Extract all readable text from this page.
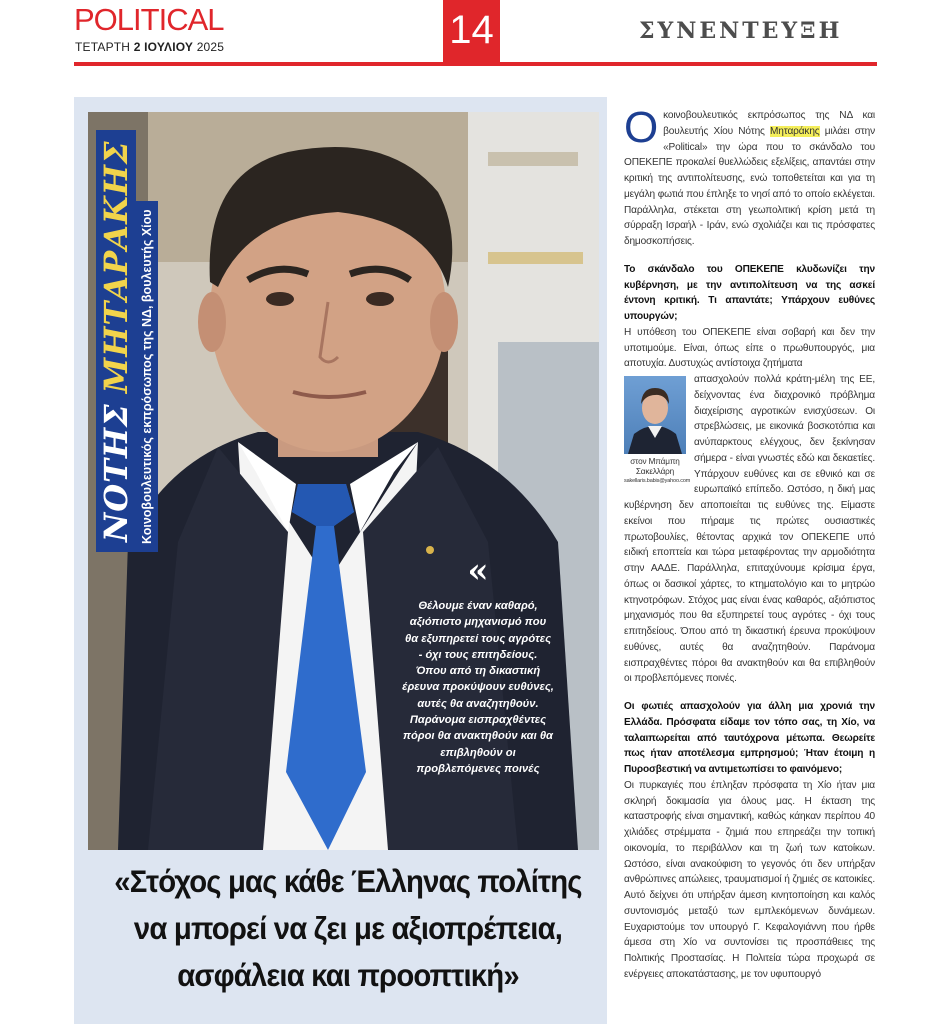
POLITICAL
ΤΕΤΑΡΤΗ 2 ΙΟΥΛΙΟΥ 2025	14	ΣΥΝΕΝΤΕΥΞΗ
ΝΟΤΗΣ
ΜΗΤΑΡΑΚΗΣ Κοινοβουλευτικός εκπρόσωπος της ΝΔ, βουλευτής Χίου
«
Θέλουμε έναν καθαρό, αξιόπιστο μηχανισμό που θα εξυπηρετεί τους αγρότες - όχι τους επιτηδείους. Όπου από τη δικαστική έρευνα προκύψουν ευθύνες, αυτές θα αναζητηθούν. Παράνομα εισπραχθέντες πόροι θα ανακτηθούν και θα επιβληθούν οι προβλεπόμενες ποινές
«Στόχος μας κάθε Έλληνας πολίτης να μπορεί να ζει με αξιοπρέπεια, ασφάλεια και προοπτική»
Ο κοινοβουλευτικός εκπρόσωπος της ΝΔ και βουλευτής Χίου Νότης Μηταράκης μιλάει στην «Political» την ώρα που το σκάνδαλο του ΟΠΕΚΕΠΕ προκαλεί θυελλώδεις εξελίξεις, απαντάει στην κριτική της αντιπολίτευσης, ενώ τοποθετείται και για τη μεγάλη φωτιά που έπληξε το νησί από το οποίο εκλέγεται. Παράλληλα, στέκεται στη γεωπολιτική κρίση μετά τη σύρραξη Ισραήλ - Ιράν, ενώ σχολιάζει και τις πρόσφατες δημοσκοπήσεις.
Το σκάνδαλο του ΟΠΕΚΕΠΕ κλυδωνίζει την κυβέρνηση, με την αντιπολίτευση να της ασκεί έντονη κριτική. Τι απαντάτε; Υπάρχουν ευθύνες υπουργών;
Η υπόθεση του ΟΠΕΚΕΠΕ είναι σοβαρή και δεν την υποτιμούμε. Είναι, όπως είπε ο πρωθυπουργός, μια αποτυχία. Δυστυχώς αντίστοιχα ζητήματα
στον Μπάμπη Σακελλάρη
sakellaris.babis@yahoo.com
απασχολούν πολλά κράτη-μέλη της ΕΕ, δείχνοντας ένα διαχρονικό πρόβλημα διαχείρισης αγροτικών ενισχύσεων. Οι στρεβλώσεις, με εικονικά βοσκοτόπια και ανύπαρκτους ελέγχους, δεν ξεκίνησαν σήμερα - είναι γνωστές εδώ και δεκαετίες. Υπάρχουν ευθύνες και σε εθνικό και σε ευρωπαϊκό επίπεδο. Ωστόσο, η δική μας κυβέρνηση δεν αποποιείται τις ευθύνες της. Είμαστε εκείνοι που πήραμε τις πρώτες ουσιαστικές πρωτοβουλίες, θέτοντας αρχικά τον ΟΠΕΚΕΠΕ υπό ειδική εποπτεία και τώρα μεταφέροντας την αρμοδιότητα στην ΑΑΔΕ. Παράλληλα, επιταχύνουμε κρίσιμα έργα, όπως οι δασικοί χάρτες, το κτηματολόγιο και το μητρώο κτηνοτρόφων. Στόχος μας είναι ένας καθαρός, αξιόπιστος μηχανισμός που θα εξυπηρετεί τους αγρότες - όχι τους επιτηδείους. Όπου από τη δικαστική έρευνα προκύψουν ευθύνες, αυτές θα αναζητηθούν. Παράνομα εισπραχθέντες πόροι θα ανακτηθούν και θα επιβληθούν οι προβλεπόμενες ποινές.
Οι φωτιές απασχολούν για άλλη μια χρονιά την Ελλάδα. Πρόσφατα είδαμε τον τόπο σας, τη Χίο, να ταλαιπωρείται από ταυτόχρονα μέτωπα. Θεωρείτε πως ήταν αποτέλεσμα εμπρησμού; Ήταν έτοιμη η Πυροσβεστική να αντιμετωπίσει το φαινόμενο;
Οι πυρκαγιές που έπληξαν πρόσφατα τη Χίο ήταν μια σκληρή δοκιμασία για όλους μας. Η έκταση της καταστροφής είναι σημαντική, καθώς κάηκαν περίπου 40 χιλιάδες στρέμματα - ζημιά που επηρεάζει την τοπική οικονομία, το περιβάλλον και τη ζωή των κατοίκων. Ωστόσο, είναι ανακούφιση το γεγονός ότι δεν υπήρξαν ανθρώπινες απώλειες, τραυματισμοί ή ζημιές σε κατοικίες. Αυτό δείχνει ότι υπήρξαν άμεση κινητοποίηση και καλός συντονισμός μεταξύ των εμπλεκόμενων δυνάμεων. Ευχαριστούμε τον υπουργό Γ. Κεφαλογιάννη που ήρθε άμεσα στη Χίο να συντονίσει τις προσπάθειες της Πολιτικής Προστασίας. Η Πολιτεία τώρα προχωρά σε ενέργειες αποκατάστασης, με τον υφυπουργό
